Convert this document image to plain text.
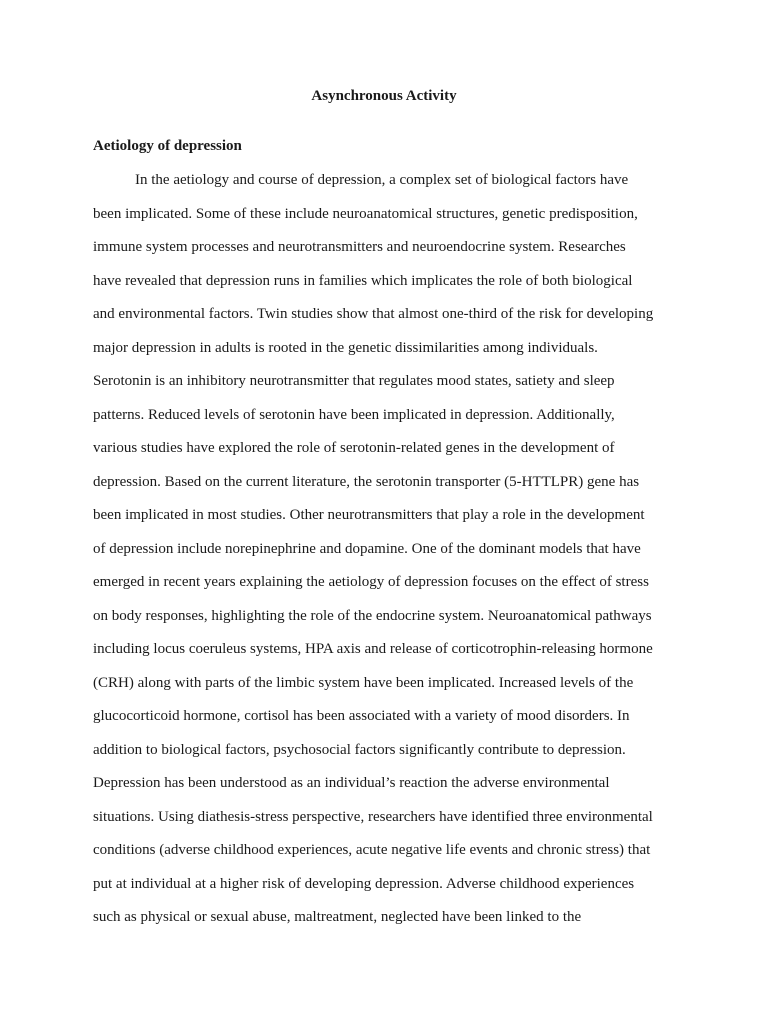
Asynchronous Activity
Aetiology of depression
In the aetiology and course of depression, a complex set of biological factors have
been implicated. Some of these include neuroanatomical structures, genetic predisposition,
immune system processes and neurotransmitters and neuroendocrine system. Researches
have revealed that depression runs in families which implicates the role of both biological
and environmental factors. Twin studies show that almost one-third of the risk for developing
major depression in adults is rooted in the genetic dissimilarities among individuals.
Serotonin is an inhibitory neurotransmitter that regulates mood states, satiety and sleep
patterns. Reduced levels of serotonin have been implicated in depression. Additionally,
various studies have explored the role of serotonin-related genes in the development of
depression. Based on the current literature, the serotonin transporter (5-HTTLPR) gene has
been implicated in most studies. Other neurotransmitters that play a role in the development
of depression include norepinephrine and dopamine. One of the dominant models that have
emerged in recent years explaining the aetiology of depression focuses on the effect of stress
on body responses, highlighting the role of the endocrine system. Neuroanatomical pathways
including locus coeruleus systems, HPA axis and release of corticotrophin-releasing hormone
(CRH) along with parts of the limbic system have been implicated. Increased levels of the
glucocorticoid hormone, cortisol has been associated with a variety of mood disorders. In
addition to biological factors, psychosocial factors significantly contribute to depression.
Depression has been understood as an individual’s reaction the adverse environmental
situations. Using diathesis-stress perspective, researchers have identified three environmental
conditions (adverse childhood experiences, acute negative life events and chronic stress) that
put at individual at a higher risk of developing depression. Adverse childhood experiences
such as physical or sexual abuse, maltreatment, neglected have been linked to the
